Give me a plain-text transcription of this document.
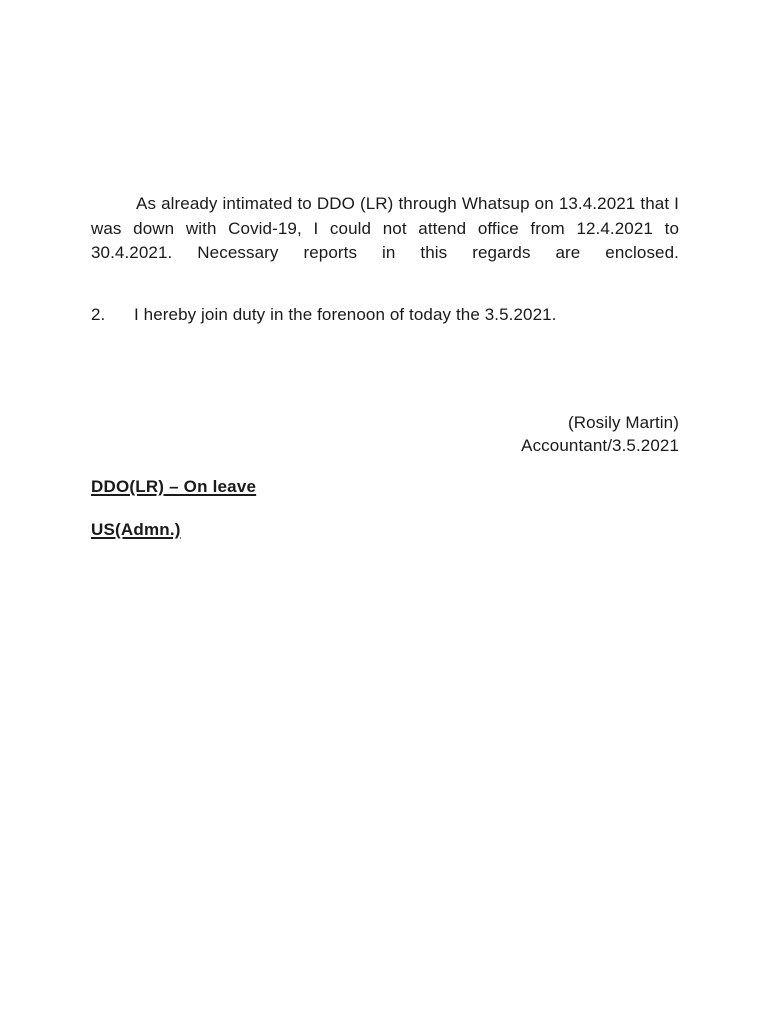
As already intimated to DDO (LR) through Whatsup on 13.4.2021 that I was down with Covid-19, I could not attend office from 12.4.2021 to 30.4.2021. Necessary reports in this regards are enclosed.

2.	I hereby join duty in the forenoon of today the 3.5.2021.

(Rosily Martin)
Accountant/3.5.2021
DDO(LR) – On leave
US(Admn.)
